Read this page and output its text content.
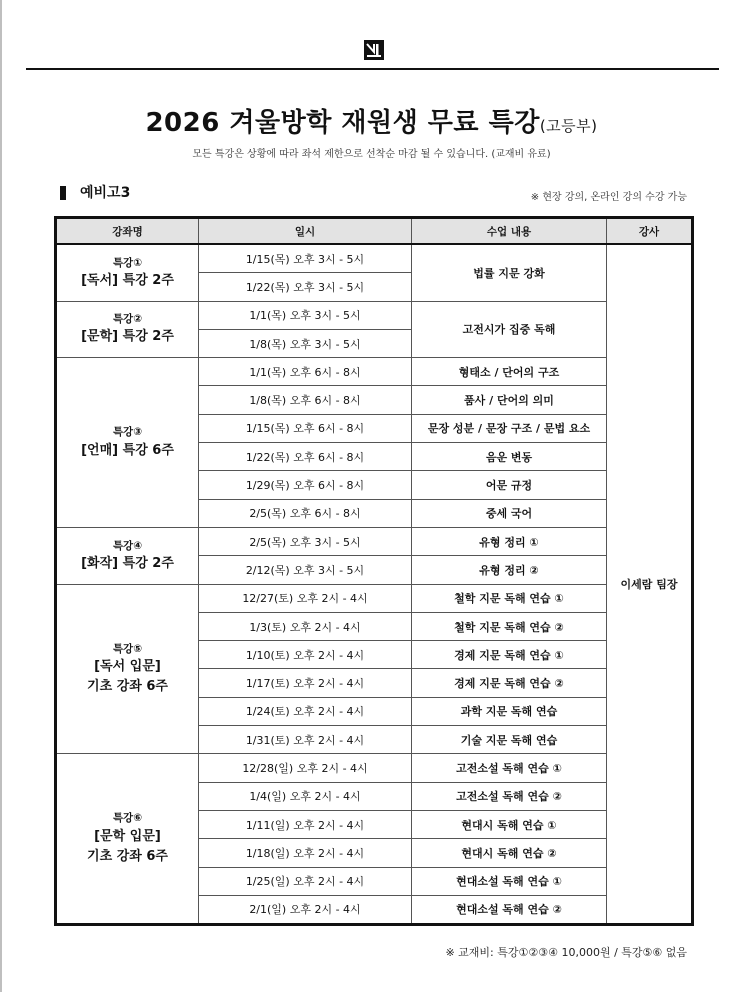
2026 겨울방학 재원생 무료 특강(고등부)
모든 특강은 상황에 따라 좌석 제한으로 선착순 마감 될 수 있습니다. (교재비 유료)
예비고3	※ 현장 강의, 온라인 강의 수강 가능
강좌명	일시	수업 내용	강사

특강①
[독서] 특강 2주	1/15(목) 오후 3시 - 5시	법률 지문 강화	이세람 팀장
	1/22(목) 오후 3시 - 5시		

특강②
[문학] 특강 2주	1/1(목) 오후 3시 - 5시	고전시가 집중 독해	
	1/8(목) 오후 3시 - 5시		

특강③
[언매] 특강 6주	1/1(목) 오후 6시 - 8시	형태소 / 단어의 구조	
	1/8(목) 오후 6시 - 8시	품사 / 단어의 의미	
	1/15(목) 오후 6시 - 8시	문장 성분 / 문장 구조 / 문법 요소	
	1/22(목) 오후 6시 - 8시	음운 변동	
	1/29(목) 오후 6시 - 8시	어문 규정	
	2/5(목) 오후 6시 - 8시	중세 국어	

특강④
[화작] 특강 2주	2/5(목) 오후 3시 - 5시	유형 정리 ①	
	2/12(목) 오후 3시 - 5시	유형 정리 ②	

특강⑤
[독서 입문]
기초 강좌 6주	12/27(토) 오후 2시 - 4시	철학 지문 독해 연습 ①	
	1/3(토) 오후 2시 - 4시	철학 지문 독해 연습 ②	
	1/10(토) 오후 2시 - 4시	경제 지문 독해 연습 ①	
	1/17(토) 오후 2시 - 4시	경제 지문 독해 연습 ②	
	1/24(토) 오후 2시 - 4시	과학 지문 독해 연습	
	1/31(토) 오후 2시 - 4시	기술 지문 독해 연습	

특강⑥
[문학 입문]
기초 강좌 6주	12/28(일) 오후 2시 - 4시	고전소설 독해 연습 ①	
	1/4(일) 오후 2시 - 4시	고전소설 독해 연습 ②	
	1/11(일) 오후 2시 - 4시	현대시 독해 연습 ①	
	1/18(일) 오후 2시 - 4시	현대시 독해 연습 ②	
	1/25(일) 오후 2시 - 4시	현대소설 독해 연습 ①	
	2/1(일) 오후 2시 - 4시	현대소설 독해 연습 ②	
※ 교재비: 특강①②③④ 10,000원 / 특강⑤⑥ 없음
